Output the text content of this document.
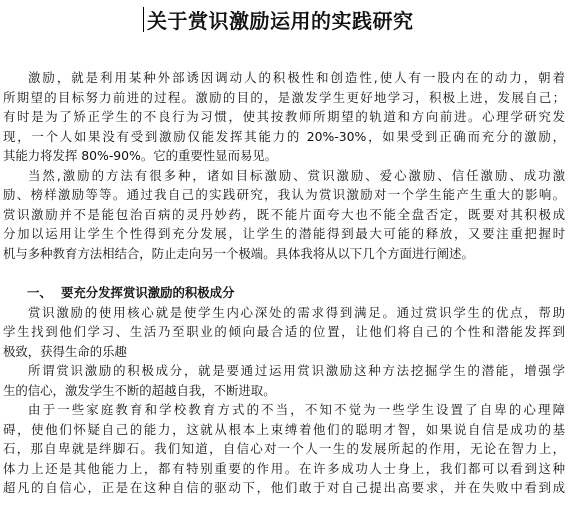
关于赏识激励运用的实践研究
激励，就是利用某种外部诱因调动人的积极性和创造性,使人有一股内在的动力，朝着
所期望的目标努力前进的过程。激励的目的，是激发学生更好地学习，积极上进，发展自己；
有时是为了矫正学生的不良行为习惯，使其按教师所期望的轨道和方向前进。心理学研究发
现，一个人如果没有受到激励仅能发挥其能力的 20%-30%，如果受到正确而充分的激励，
其能力将发挥 80%-90%。它的重要性显而易见。
当然,激励的方法有很多种，诸如目标激励、赏识激励、爱心激励、信任激励、成功激
励、榜样激励等等。通过我自己的实践研究，我认为赏识激励对一个学生能产生重大的影响。
赏识激励并不是能包治百病的灵丹妙药，既不能片面夸大也不能全盘否定，既要对其积极成
分加以运用让学生个性得到充分发展，让学生的潜能得到最大可能的释放，又要注重把握时
机与多种教育方法相结合，防止走向另一个极端。具体我将从以下几个方面进行阐述。
一、 要充分发挥赏识激励的积极成分
赏识激励的使用核心就是使学生内心深处的需求得到满足。通过赏识学生的优点，帮助
学生找到他们学习、生活乃至职业的倾向最合适的位置，让他们将自己的个性和潜能发挥到
极致，获得生命的乐趣
所谓赏识激励的积极成分，就是要通过运用赏识激励这种方法挖掘学生的潜能，增强学
生的信心，激发学生不断的超越自我，不断进取。
由于一些家庭教育和学校教育方式的不当，不知不觉为一些学生设置了自卑的心理障
碍，使他们怀疑自己的能力，这就从根本上束缚着他们的聪明才智，如果说自信是成功的基
石，那自卑就是绊脚石。我们知道，自信心对一个人一生的发展所起的作用，无论在智力上，
体力上还是其他能力上，都有特别重要的作用。在许多成功人士身上，我们都可以看到这种
超凡的自信心，正是在这种自信的驱动下，他们敢于对自己提出高要求，并在失败中看到成
